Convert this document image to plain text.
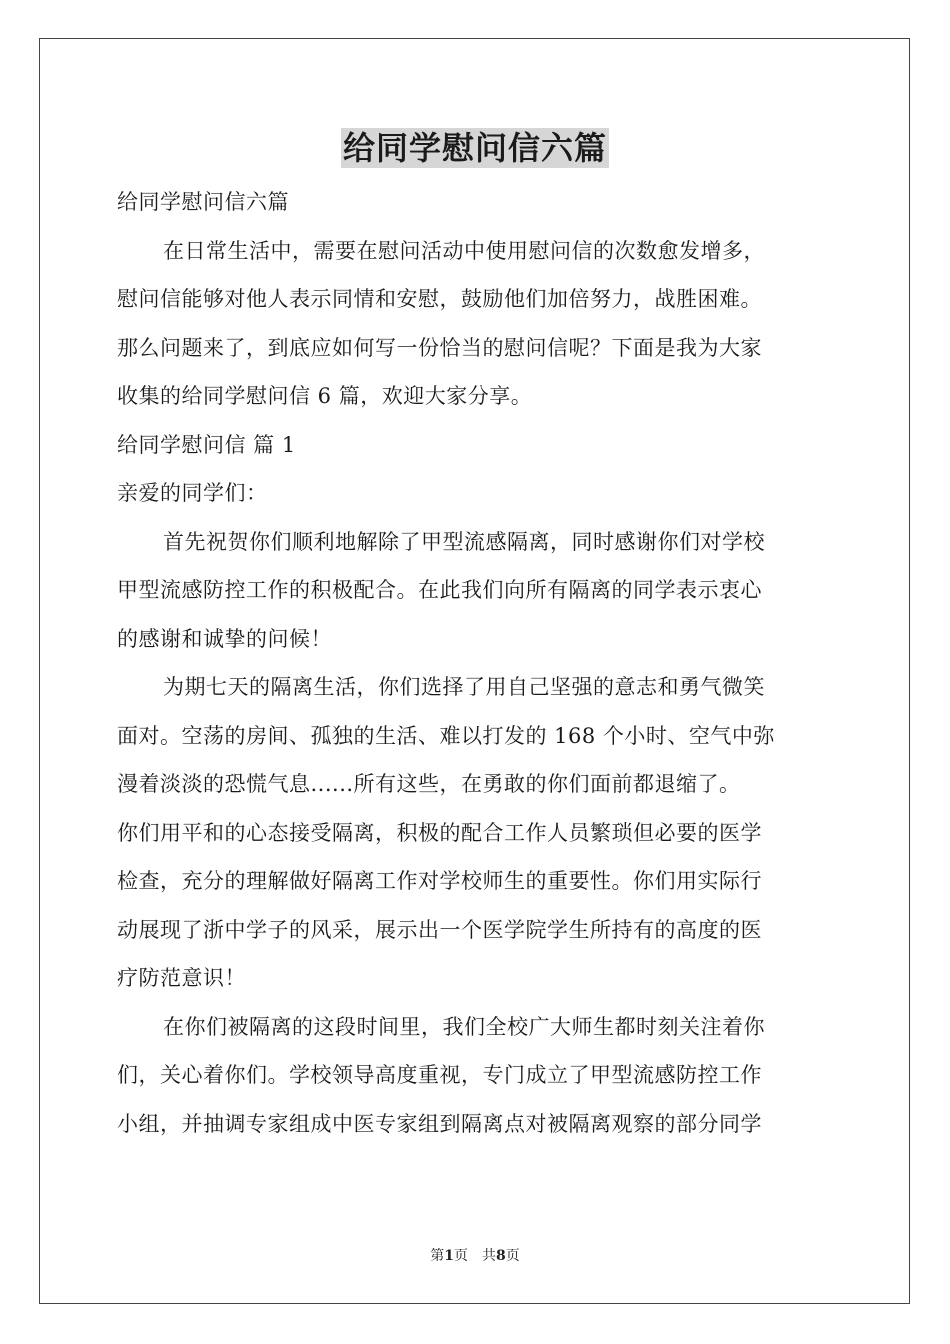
给同学慰问信六篇

给同学慰问信六篇

在日常生活中，需要在慰问活动中使用慰问信的次数愈发增多，

慰问信能够对他人表示同情和安慰，鼓励他们加倍努力，战胜困难。

那么问题来了，到底应如何写一份恰当的慰问信呢？下面是我为大家

收集的给同学慰问信 6 篇，欢迎大家分享。

给同学慰问信 篇 1

亲爱的同学们：

首先祝贺你们顺利地解除了甲型流感隔离，同时感谢你们对学校

甲型流感防控工作的积极配合。在此我们向所有隔离的同学表示衷心

的感谢和诚挚的问候！

为期七天的隔离生活，你们选择了用自己坚强的意志和勇气微笑

面对。空荡的房间、孤独的生活、难以打发的 168 个小时、空气中弥

漫着淡淡的恐慌气息......所有这些，在勇敢的你们面前都退缩了。

你们用平和的心态接受隔离，积极的配合工作人员繁琐但必要的医学

检查，充分的理解做好隔离工作对学校师生的重要性。你们用实际行

动展现了浙中学子的风采，展示出一个医学院学生所持有的高度的医

疗防范意识！

在你们被隔离的这段时间里，我们全校广大师生都时刻关注着你

们，关心着你们。学校领导高度重视，专门成立了甲型流感防控工作

小组，并抽调专家组成中医专家组到隔离点对被隔离观察的部分同学

第1页 共8页
